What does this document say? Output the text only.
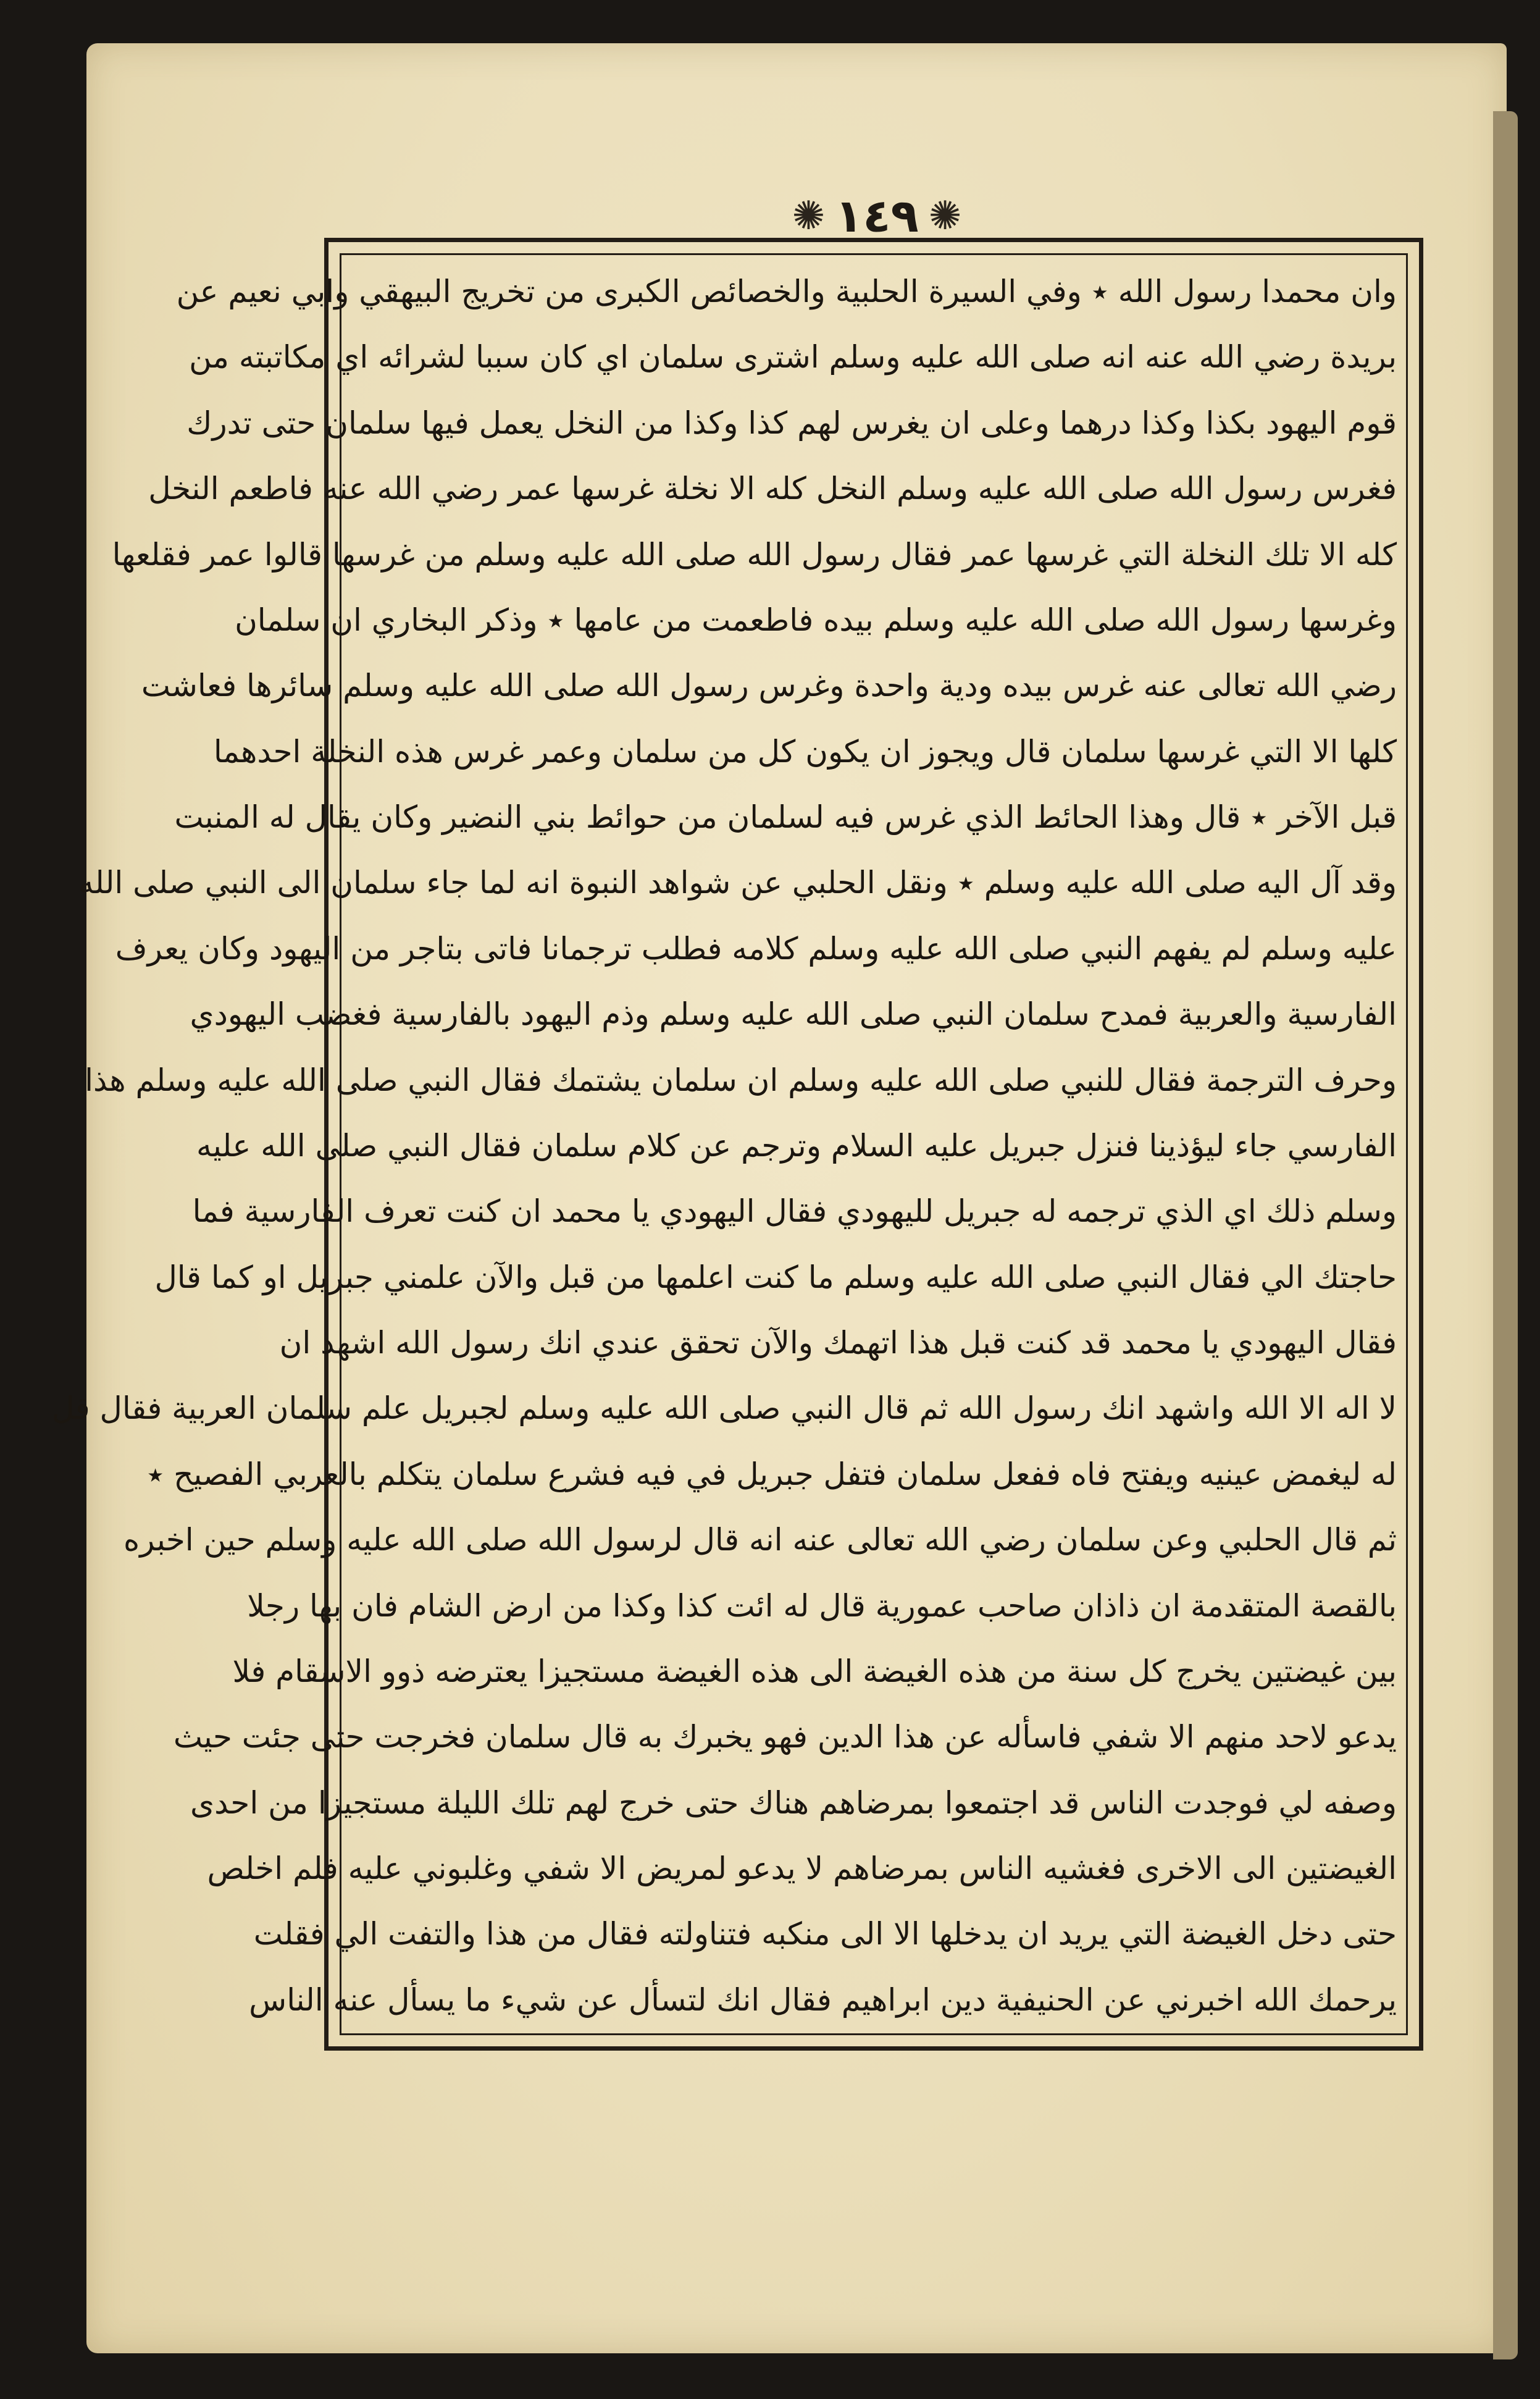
✺ ١٤٩ ✺
وان محمدا رسول الله ٭ وفي السيرة الحلبية والخصائص الكبرى من تخريج البيهقي وابي نعيم عن
بريدة رضي الله عنه انه صلى الله عليه وسلم اشترى سلمان اي كان سببا لشرائه اي مكاتبته من
قوم اليهود بكذا وكذا درهما وعلى ان يغرس لهم كذا وكذا من النخل يعمل فيها سلمان حتى تدرك
فغرس رسول الله صلى الله عليه وسلم النخل كله الا نخلة غرسها عمر رضي الله عنه فاطعم النخل
كله الا تلك النخلة التي غرسها عمر فقال رسول الله صلى الله عليه وسلم من غرسها قالوا عمر فقلعها
وغرسها رسول الله صلى الله عليه وسلم بيده فاطعمت من عامها ٭ وذكر البخاري ان سلمان
رضي الله تعالى عنه غرس بيده ودية واحدة وغرس رسول الله صلى الله عليه وسلم سائرها فعاشت
كلها الا التي غرسها سلمان قال ويجوز ان يكون كل من سلمان وعمر غرس هذه النخلة احدهما
قبل الآخر ٭ قال وهذا الحائط الذي غرس فيه لسلمان من حوائط بني النضير وكان يقال له المنبت
وقد آل اليه صلى الله عليه وسلم ٭ ونقل الحلبي عن شواهد النبوة انه لما جاء سلمان الى النبي صلى الله
عليه وسلم لم يفهم النبي صلى الله عليه وسلم كلامه فطلب ترجمانا فاتى بتاجر من اليهود وكان يعرف
الفارسية والعربية فمدح سلمان النبي صلى الله عليه وسلم وذم اليهود بالفارسية فغضب اليهودي
وحرف الترجمة فقال للنبي صلى الله عليه وسلم ان سلمان يشتمك فقال النبي صلى الله عليه وسلم هذا
الفارسي جاء ليؤذينا فنزل جبريل عليه السلام وترجم عن كلام سلمان فقال النبي صلى الله عليه
وسلم ذلك اي الذي ترجمه له جبريل لليهودي فقال اليهودي يا محمد ان كنت تعرف الفارسية فما
حاجتك الي فقال النبي صلى الله عليه وسلم ما كنت اعلمها من قبل والآن علمني جبريل او كما قال
فقال اليهودي يا محمد قد كنت قبل هذا اتهمك والآن تحقق عندي انك رسول الله اشهد ان
لا اله الا الله واشهد انك رسول الله ثم قال النبي صلى الله عليه وسلم لجبريل علم سلمان العربية فقال قل
له ليغمض عينيه ويفتح فاه ففعل سلمان فتفل جبريل في فيه فشرع سلمان يتكلم بالعربي الفصيح ٭
ثم قال الحلبي وعن سلمان رضي الله تعالى عنه انه قال لرسول الله صلى الله عليه وسلم حين اخبره
بالقصة المتقدمة ان ذاذان صاحب عمورية قال له ائت كذا وكذا من ارض الشام فان بها رجلا
بين غيضتين يخرج كل سنة من هذه الغيضة الى هذه الغيضة مستجيزا يعترضه ذوو الاسقام فلا
يدعو لاحد منهم الا شفي فاسأله عن هذا الدين فهو يخبرك به قال سلمان فخرجت حتى جئت حيث
وصفه لي فوجدت الناس قد اجتمعوا بمرضاهم هناك حتى خرج لهم تلك الليلة مستجيزا من احدى
الغيضتين الى الاخرى فغشيه الناس بمرضاهم لا يدعو لمريض الا شفي وغلبوني عليه فلم اخلص
حتى دخل الغيضة التي يريد ان يدخلها الا الى منكبه فتناولته فقال من هذا والتفت الي فقلت
يرحمك الله اخبرني عن الحنيفية دين ابراهيم فقال انك لتسأل عن شيء ما يسأل عنه الناس
